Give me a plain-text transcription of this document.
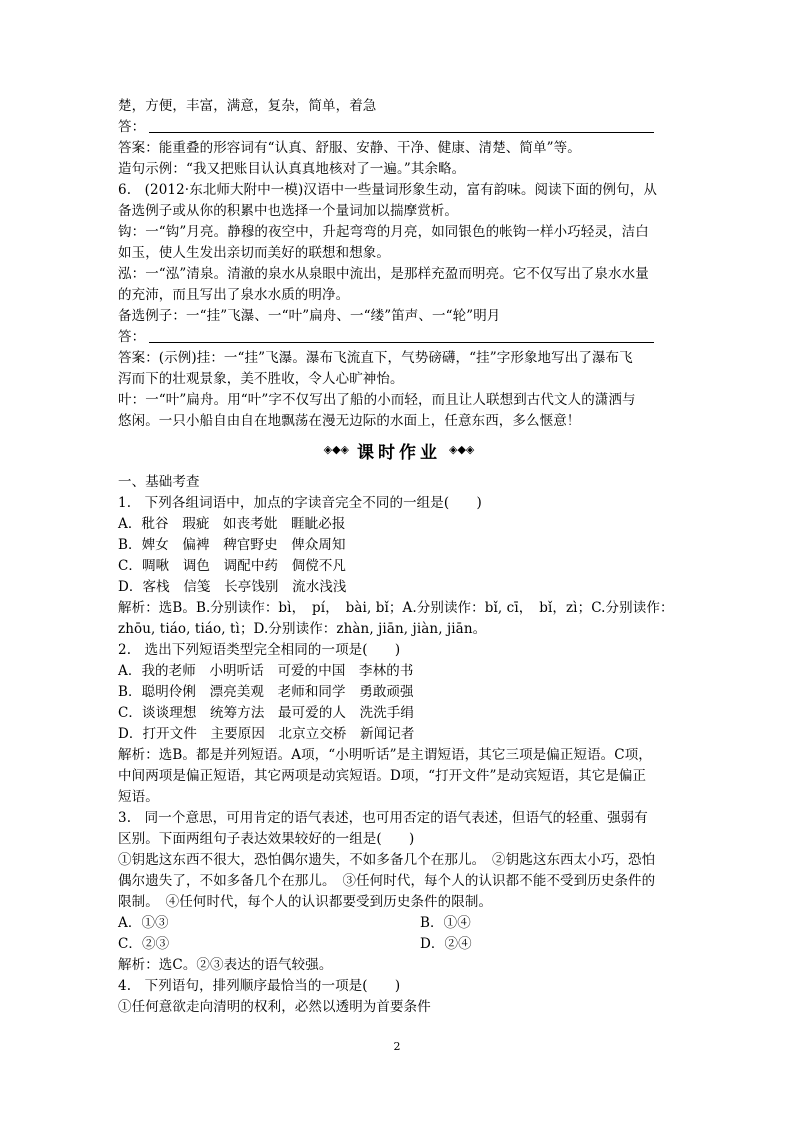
楚，方便，丰富，满意，复杂，简单，着急
答：
答案：能重叠的形容词有“认真、舒服、安静、干净、健康、清楚、简单”等。
造句示例：“我又把账目认认真真地核对了一遍。”其余略。
6.　(2012·东北师大附中一模)汉语中一些量词形象生动，富有韵味。阅读下面的例句，从
备选例子或从你的积累中也选择一个量词加以揣摩赏析。
钩：一“钩”月亮。静穆的夜空中，升起弯弯的月亮，如同银色的帐钩一样小巧轻灵，洁白
如玉，使人生发出亲切而美好的联想和想象。
泓：一“泓”清泉。清澈的泉水从泉眼中流出，是那样充盈而明亮。它不仅写出了泉水水量
的充沛，而且写出了泉水水质的明净。
备选例子：一“挂”飞瀑、一“叶”扁舟、一“缕”笛声、一“轮”明月
答：
答案：(示例)挂：一“挂”飞瀑。瀑布飞流直下，气势磅礴，“挂”字形象地写出了瀑布飞
泻而下的壮观景象，美不胜收，令人心旷神怡。
叶：一“叶”扁舟。用“叶”字不仅写出了船的小而轻，而且让人联想到古代文人的潇洒与
悠闲。一只小船自由自在地飘荡在漫无边际的水面上，任意东西，多么惬意！
◈◆◈ 课时作业 ◈◆◈
一、基础考查
1.　下列各组词语中，加点的字读音完全不同的一组是(　　)
A．秕谷　瑕疵　如丧考妣　睚眦必报
B．婢女　偏裨　稗官野史　俾众周知
C．啁啾　调色　调配中药　倜傥不凡
D．客栈　信笺　长亭饯别　流水浅浅
解析：选B。B.分别读作：bì，　pí，　bài, bǐ；A.分别读作：bǐ, cī，　bǐ，zì；C.分别读作：
zhōu, tiáo, tiáo, tì；D.分别读作：zhàn, jiān, jiàn, jiān。
2.　选出下列短语类型完全相同的一项是(　　)
A．我的老师　小明听话　可爱的中国　李林的书
B．聪明伶俐　漂亮美观　老师和同学　勇敢顽强
C．谈谈理想　统筹方法　最可爱的人　洗洗手绢
D．打开文件　主要原因　北京立交桥　新闻记者
解析：选B。都是并列短语。A项，“小明听话”是主谓短语，其它三项是偏正短语。C项，
中间两项是偏正短语，其它两项是动宾短语。D项，“打开文件”是动宾短语，其它是偏正
短语。
3.　同一个意思，可用肯定的语气表述，也可用否定的语气表述，但语气的轻重、强弱有
区别。下面两组句子表达效果较好的一组是(　　)
①钥匙这东西不很大，恐怕偶尔遗失，不如多备几个在那儿。　②钥匙这东西太小巧，恐怕
偶尔遗失了，不如多备几个在那儿。　③任何时代，每个人的认识都不能不受到历史条件的
限制。　④任何时代，每个人的认识都要受到历史条件的限制。
A．①③	B．①④
C．②③	D．②④
解析：选C。②③表达的语气较强。
4.　下列语句，排列顺序最恰当的一项是(　　)
①任何意欲走向清明的权利，必然以透明为首要条件
2
